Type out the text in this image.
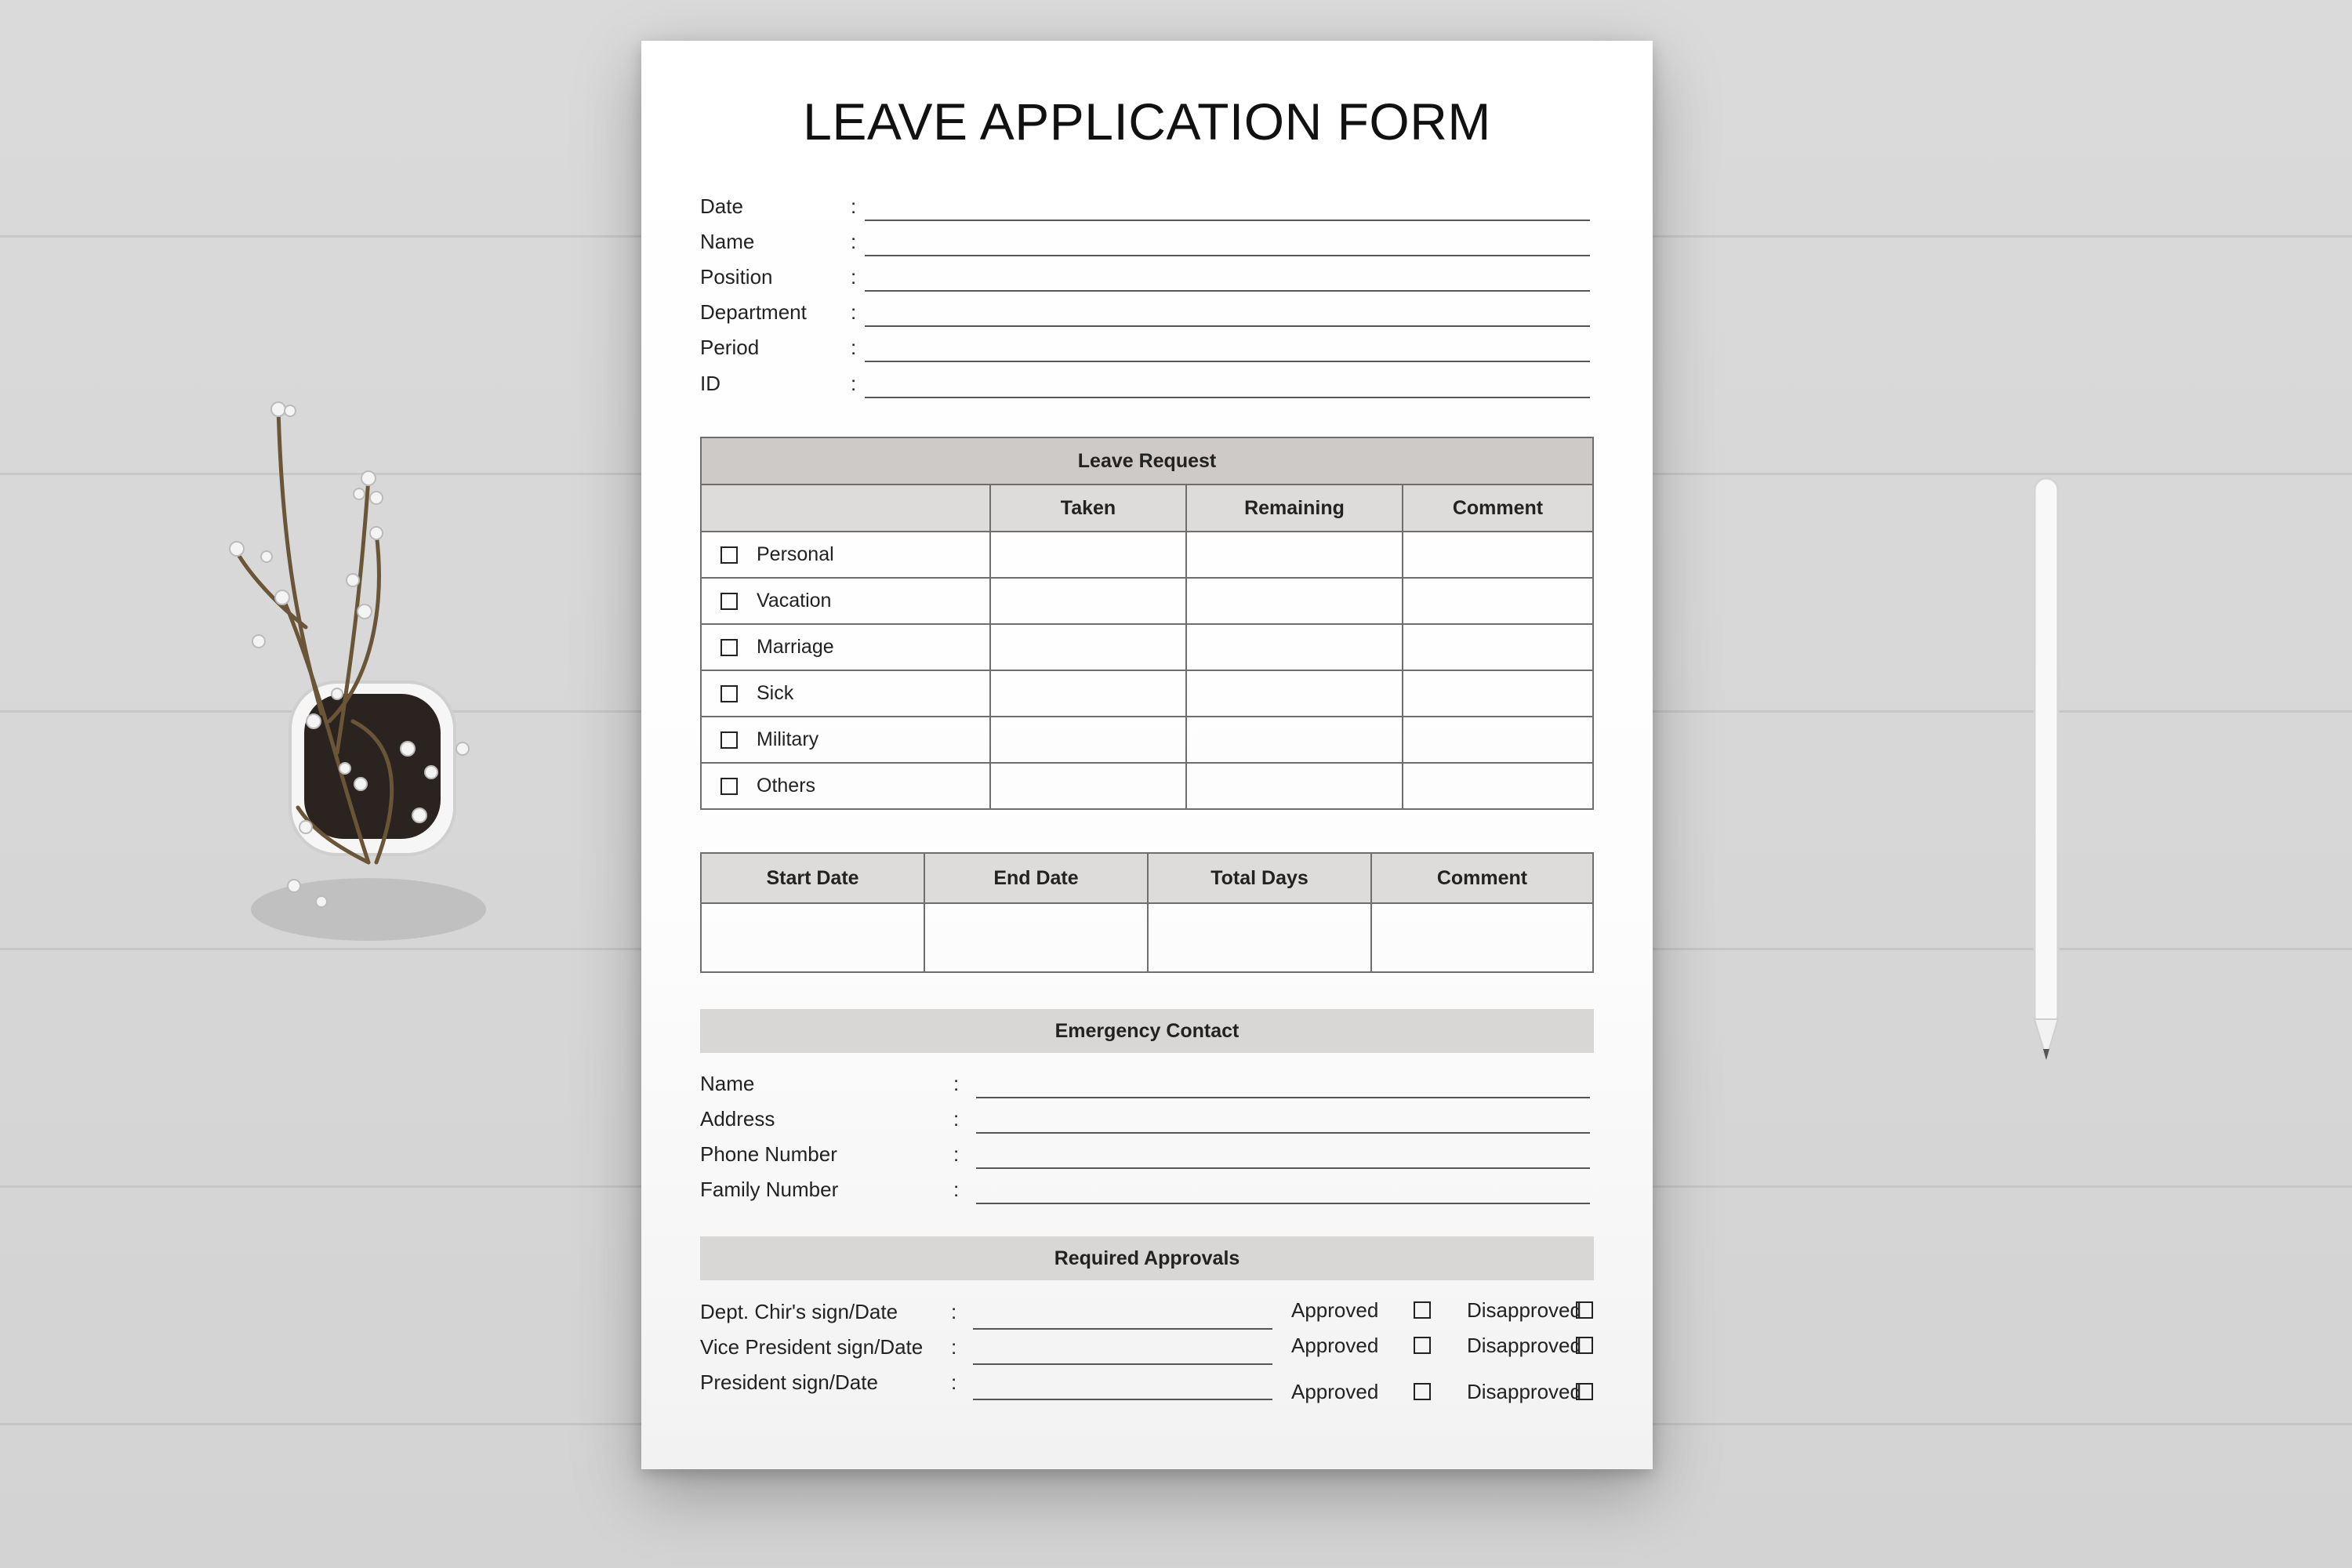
LEAVE APPLICATION FORM
Date	:
Name	:
Position	:
Department :
Period	:
ID	:
Leave Request			
	Taken	Remaining	Comment
Personal			
Vacation			
Marriage			
Sick			
Military			
Others			
Start Date	End Date	Total Days	Comment

Emergency Contact
Name	:
Address	:
Phone Number	:
Family Number	:
Required Approvals
Dept. Chir's sign/Date	:	Approved	Disapproved
Vice President sign/Date :	Approved	Disapproved
President sign/Date	:	Approved	Disapproved
